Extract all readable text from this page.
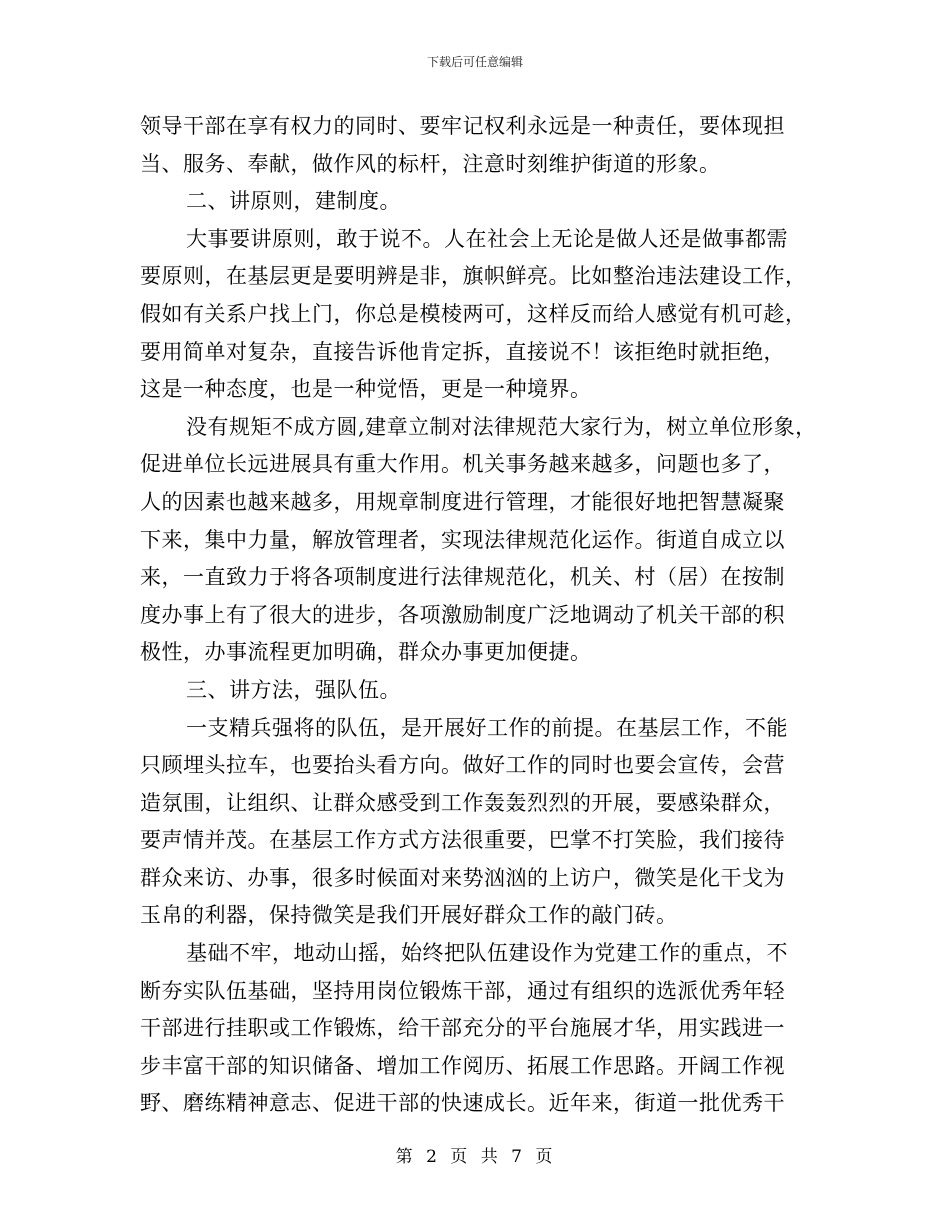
下载后可任意编辑
领导干部在享有权力的同时、要牢记权利永远是一种责任，要体现担
当、服务、奉献，做作风的标杆，注意时刻维护街道的形象。
二、讲原则，建制度。
大事要讲原则，敢于说不。人在社会上无论是做人还是做事都需
要原则，在基层更是要明辨是非，旗帜鲜亮。比如整治违法建设工作，
假如有关系户找上门，你总是模棱两可，这样反而给人感觉有机可趁，
要用简单对复杂，直接告诉他肯定拆，直接说不！该拒绝时就拒绝，
这是一种态度，也是一种觉悟，更是一种境界。
没有规矩不成方圆,建章立制对法律规范大家行为，树立单位形象，
促进单位长远进展具有重大作用。机关事务越来越多，问题也多了，
人的因素也越来越多，用规章制度进行管理，才能很好地把智慧凝聚
下来，集中力量，解放管理者，实现法律规范化运作。街道自成立以
来，一直致力于将各项制度进行法律规范化，机关、村（居）在按制
度办事上有了很大的进步，各项激励制度广泛地调动了机关干部的积
极性，办事流程更加明确，群众办事更加便捷。
三、讲方法，强队伍。
一支精兵强将的队伍，是开展好工作的前提。在基层工作，不能
只顾埋头拉车，也要抬头看方向。做好工作的同时也要会宣传，会营
造氛围，让组织、让群众感受到工作轰轰烈烈的开展，要感染群众，
要声情并茂。在基层工作方式方法很重要，巴掌不打笑脸，我们接待
群众来访、办事，很多时候面对来势汹汹的上访户，微笑是化干戈为
玉帛的利器，保持微笑是我们开展好群众工作的敲门砖。
基础不牢，地动山摇，始终把队伍建设作为党建工作的重点，不
断夯实队伍基础，坚持用岗位锻炼干部，通过有组织的选派优秀年轻
干部进行挂职或工作锻炼，给干部充分的平台施展才华，用实践进一
步丰富干部的知识储备、增加工作阅历、拓展工作思路。开阔工作视
野、磨练精神意志、促进干部的快速成长。近年来，街道一批优秀干
第 2 页 共 7 页
